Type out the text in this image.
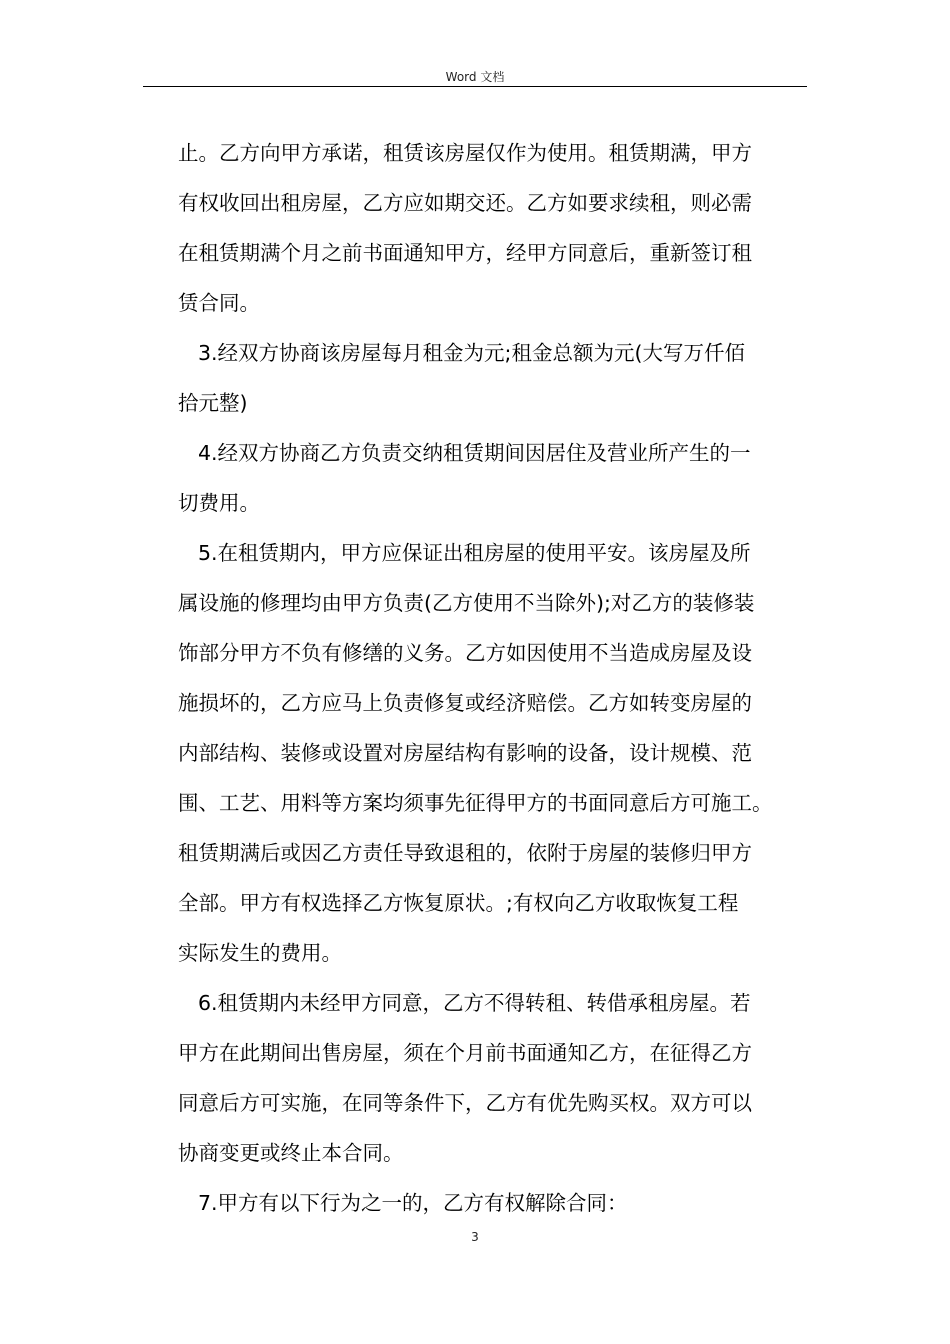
Word 文档
止。乙方向甲方承诺，租赁该房屋仅作为使用。租赁期满，甲方
有权收回出租房屋，乙方应如期交还。乙方如要求续租，则必需
在租赁期满个月之前书面通知甲方，经甲方同意后，重新签订租
赁合同。
3.经双方协商该房屋每月租金为元;租金总额为元(大写万仟佰
拾元整)
4.经双方协商乙方负责交纳租赁期间因居住及营业所产生的一
切费用。
5.在租赁期内，甲方应保证出租房屋的使用平安。该房屋及所
属设施的修理均由甲方负责(乙方使用不当除外);对乙方的装修装
饰部分甲方不负有修缮的义务。乙方如因使用不当造成房屋及设
施损坏的，乙方应马上负责修复或经济赔偿。乙方如转变房屋的
内部结构、装修或设置对房屋结构有影响的设备，设计规模、范
围、工艺、用料等方案均须事先征得甲方的书面同意后方可施工。
租赁期满后或因乙方责任导致退租的，依附于房屋的装修归甲方
全部。甲方有权选择乙方恢复原状。;有权向乙方收取恢复工程
实际发生的费用。
6.租赁期内未经甲方同意，乙方不得转租、转借承租房屋。若
甲方在此期间出售房屋，须在个月前书面通知乙方，在征得乙方
同意后方可实施，在同等条件下，乙方有优先购买权。双方可以
协商变更或终止本合同。
7.甲方有以下行为之一的，乙方有权解除合同：
3
